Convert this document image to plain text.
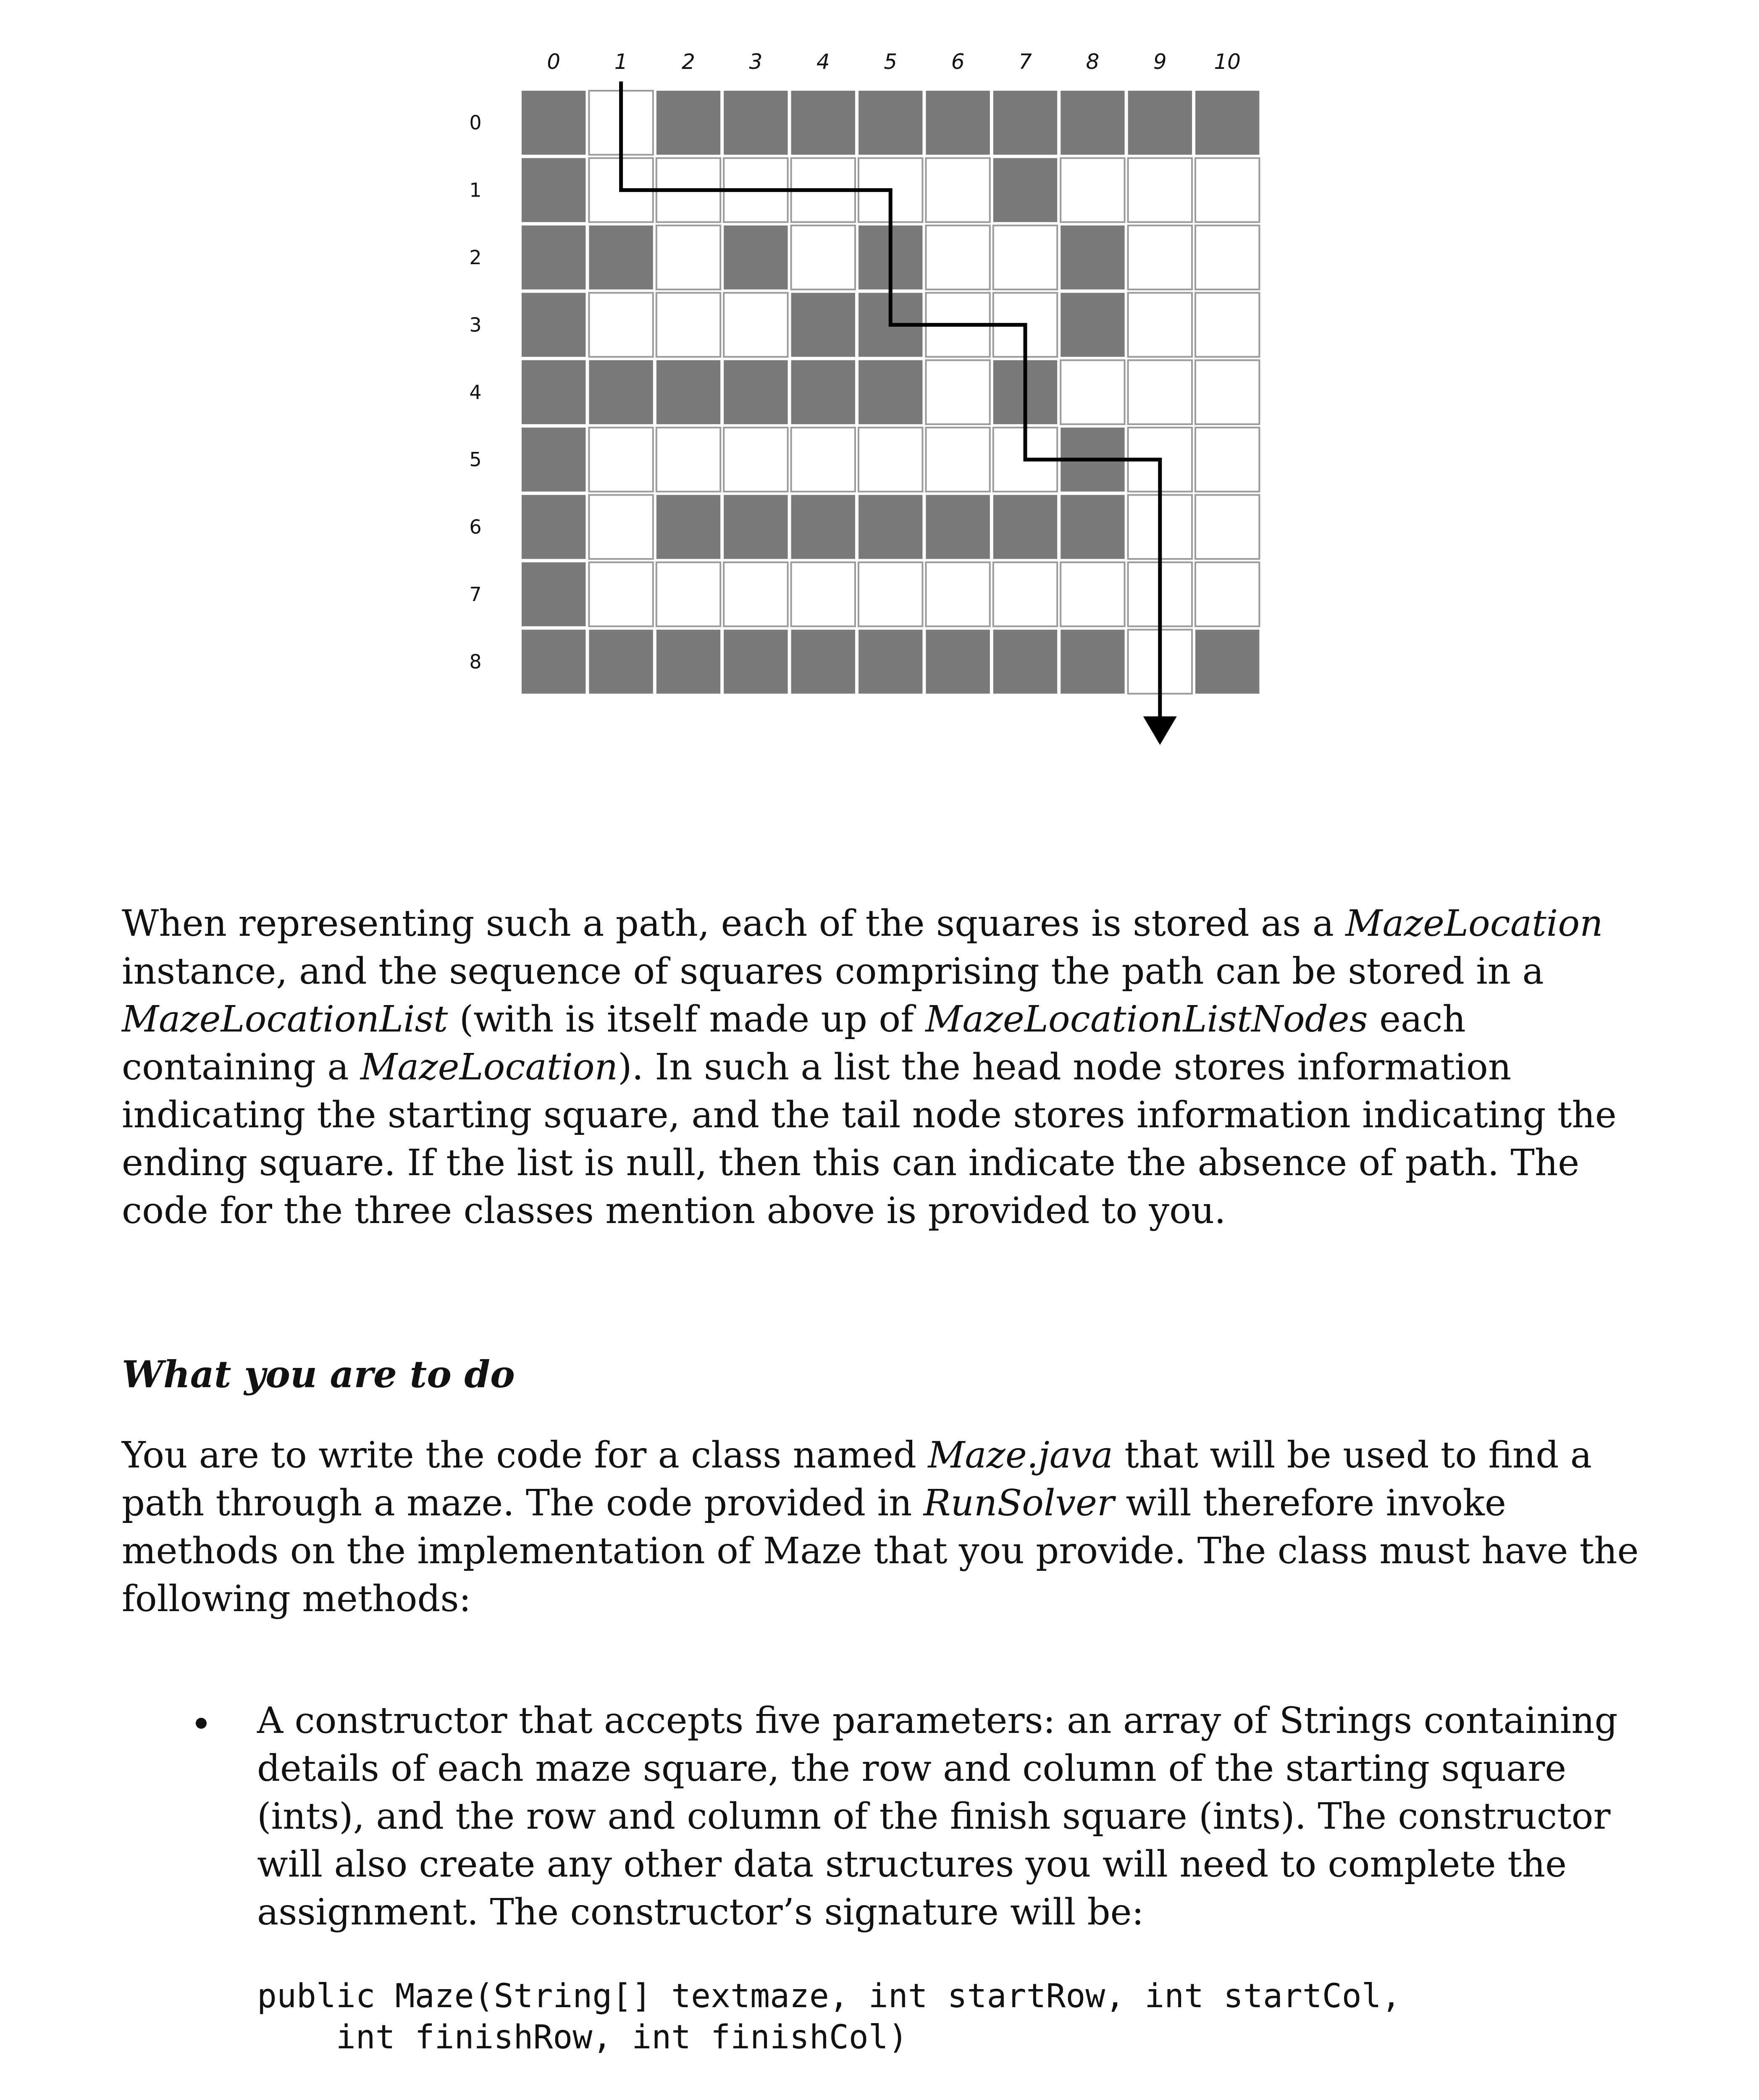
0	1	2	3	4	5	6	7	8	9 10
0
1
2
3
4
5
6
7
8

When representing such a path, each of the squares is stored as a MazeLocation instance, and the sequence of squares comprising the path can be stored in a MazeLocationList (with is itself made up of MazeLocationListNodes each containing a MazeLocation). In such a list the head node stores information indicating the starting square, and the tail node stores information indicating the ending square. If the list is null, then this can indicate the absence of path. The code for the three classes mention above is provided to you.

What you are to do

You are to write the code for a class named Maze.java that will be used to find a path through a maze. The code provided in RunSolver will therefore invoke methods on the implementation of Maze that you provide. The class must have the following methods:

A constructor that accepts five parameters: an array of Strings containing details of each maze square, the row and column of the starting square (ints), and the row and column of the finish square (ints). The constructor will also create any other data structures you will need to complete the assignment. The constructor’s signature will be:

public Maze(String[] textmaze, int startRow, int startCol,
int finishRow, int finishCol)
